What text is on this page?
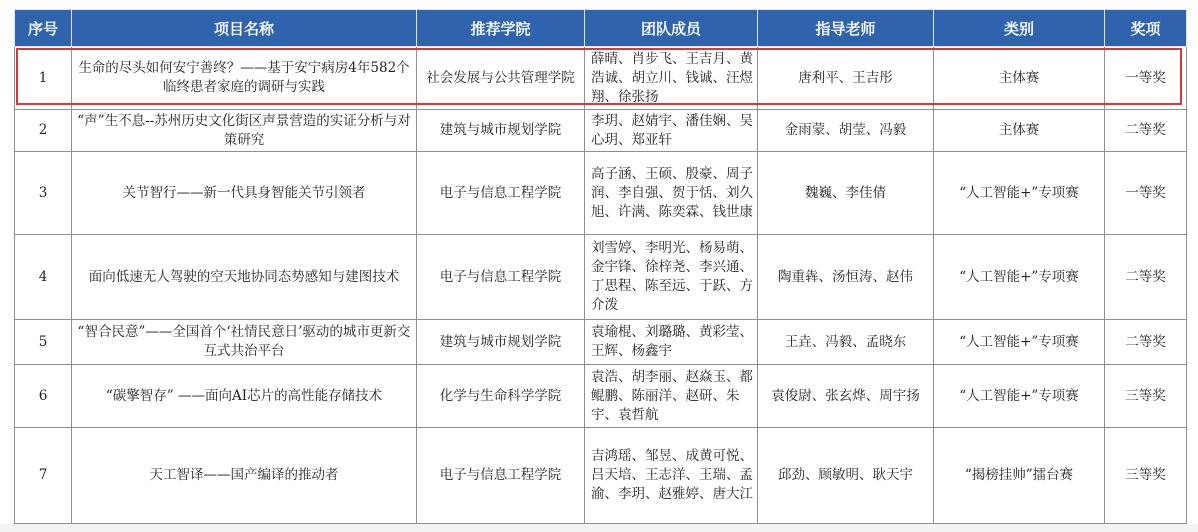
序号	项目名称	推荐学院	团队成员	指导老师	类别	奖项
1	生命的尽头如何安宁善终？——基于安宁病房4年582个临终患者家庭的调研与实践	社会发展与公共管理学院	薛晴、肖步飞、王吉月、黄浩诚、胡立川、钱诚、汪煜翔、徐张扬	唐利平、王吉彤	主体赛	一等奖
2	“声”生不息--苏州历史文化街区声景营造的实证分析与对策研究	建筑与城市规划学院	李玥、赵婧宇、潘佳娴、吴心玥、郑亚轩	金雨蒙、胡莹、冯毅	主体赛	二等奖
3	关节智行——新一代具身智能关节引领者	电子与信息工程学院	高子涵、王硕、殷豪、周子润、李自强、贺于恬、刘久旭、许满、陈奕霖、钱世康	魏巍、李佳倩	“人工智能+”专项赛	一等奖
4	面向低速无人驾驶的空天地协同态势感知与建图技术	电子与信息工程学院	刘雪婷、李明光、杨易萌、金宇锋、徐梓尧、李兴通、丁思程、陈至远、于跃、方介泼	陶重犇、汤恒涛、赵伟	“人工智能+”专项赛	二等奖
5	“智合民意”——全国首个‘社情民意日’驱动的城市更新交互式共治平台	建筑与城市规划学院	袁瑜棍、刘璐璐、黄彩莹、王辉、杨鑫宇	王垚、冯毅、孟晓东	“人工智能+”专项赛	二等奖
6	“碳擎智存” ——面向AI芯片的高性能存储技术	化学与生命科学学院	袁浩、胡李丽、赵焱玉、都鲲鹏、陈丽洋、赵研、朱宇、袁哲航	袁俊尉、张玄烨、周宇扬	“人工智能+”专项赛	三等奖
7	天工智译——国产编译的推动者	电子与信息工程学院	吉鸿瑶、邹昱、成黄可悦、吕天培、王志洋、王瑞、孟渝、李玥、赵雅婷、唐大江	邱劲、顾敏明、耿天宇	“揭榜挂帅”擂台赛	三等奖
